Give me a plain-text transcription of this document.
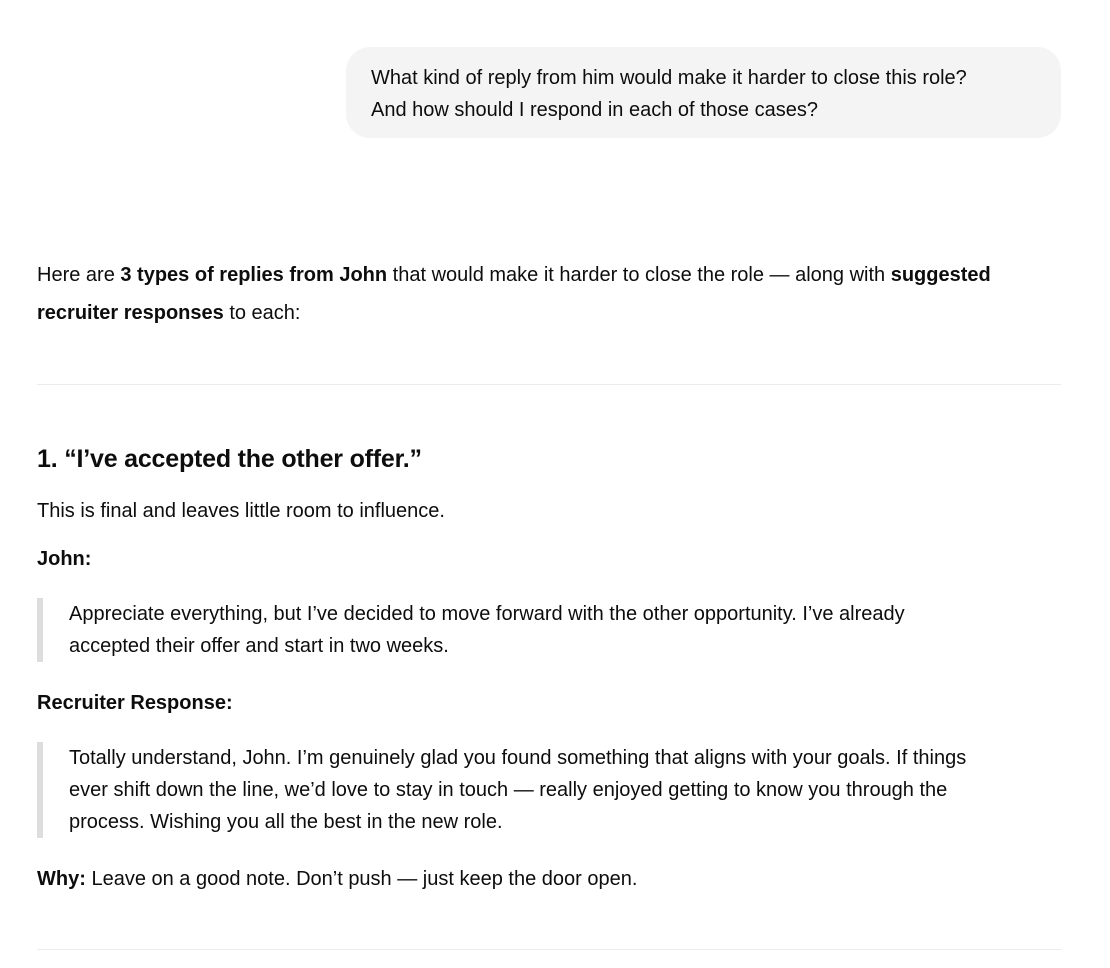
What kind of reply from him would make it harder to close this role?
And how should I respond in each of those cases?

Here are 3 types of replies from John that would make it harder to close the role — along with suggested recruiter responses to each:

1. “I’ve accepted the other offer.”

This is final and leaves little room to influence.

John:

Appreciate everything, but I’ve decided to move forward with the other opportunity. I’ve already
accepted their offer and start in two weeks.

Recruiter Response:

Totally understand, John. I’m genuinely glad you found something that aligns with your goals. If things
ever shift down the line, we’d love to stay in touch — really enjoyed getting to know you through the
process. Wishing you all the best in the new role.

Why: Leave on a good note. Don’t push — just keep the door open.
